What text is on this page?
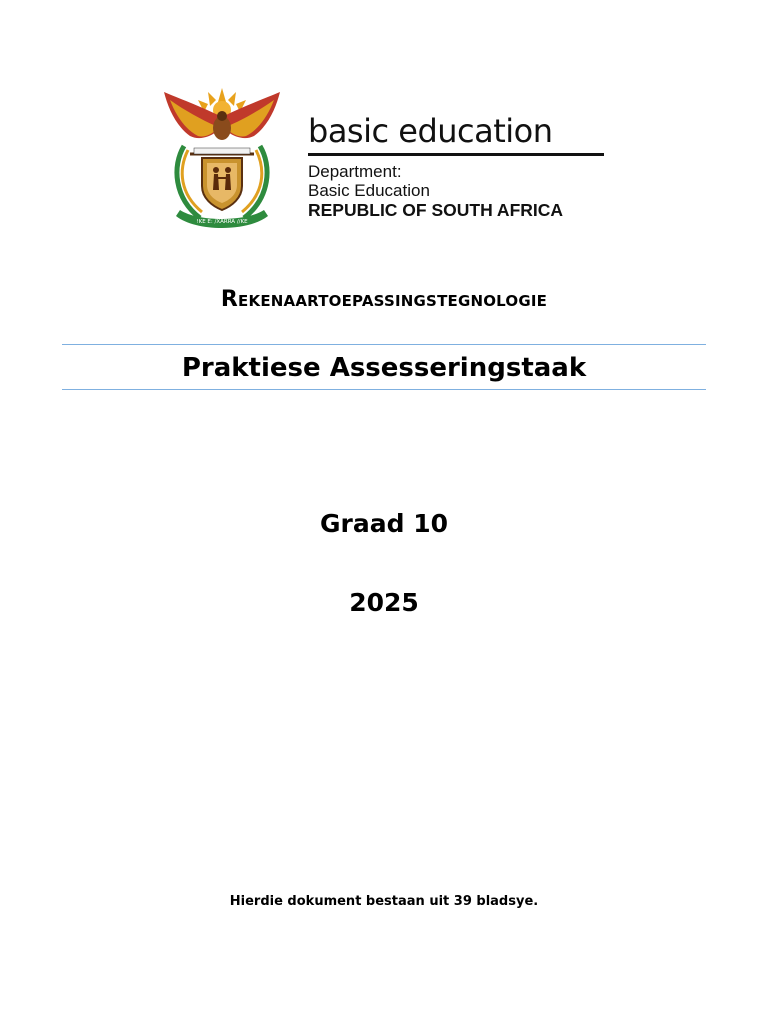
!KE E: /XARRA //KE
basic education
Department:
Basic Education
REPUBLIC OF SOUTH AFRICA
Rekenaartoepassingstegnologie
Praktiese Assesseringstaak
Graad 10
2025
Hierdie dokument bestaan uit 39 bladsye.
